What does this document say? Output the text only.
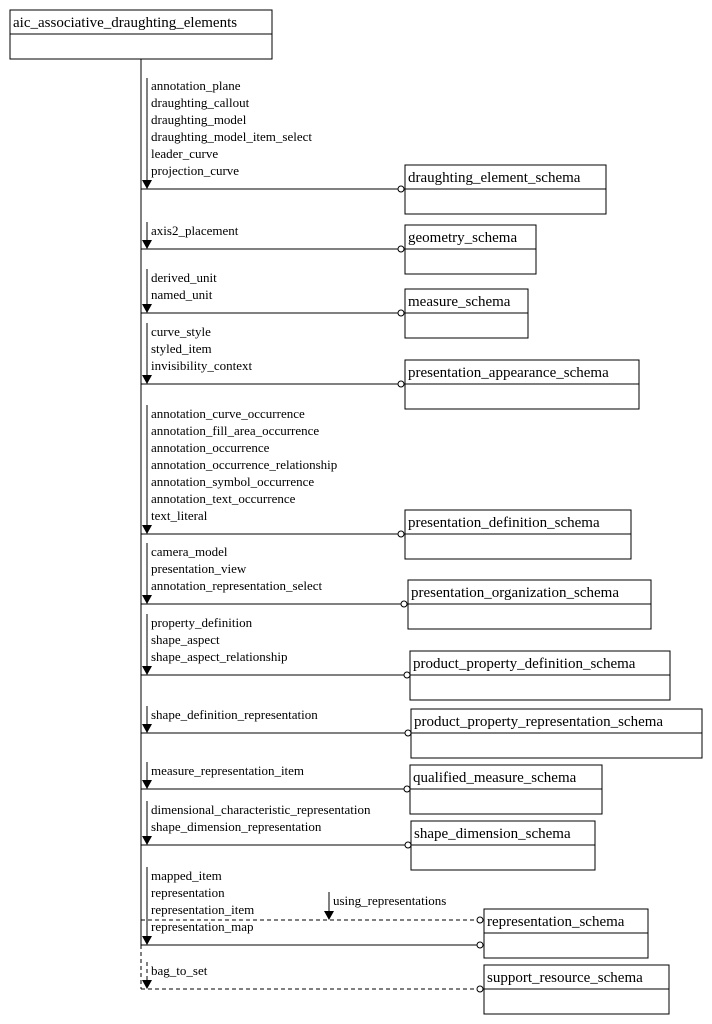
aic_associative_draughting_elements
annotation_plane
draughting_callout
draughting_model
draughting_model_item_select
leader_curve
projection_curve	draughting_element_schema
axis2_placement	geometry_schema
derived_unit
named_unit	measure_schema
curve_style
styled_item
invisibility_context	presentation_appearance_schema
annotation_curve_occurrence
annotation_fill_area_occurrence
annotation_occurrence
annotation_occurrence_relationship
annotation_symbol_occurrence
annotation_text_occurrence
text_literal	presentation_definition_schema
camera_model
presentation_view
annotation_representation_select	presentation_organization_schema
property_definition
shape_aspect
shape_aspect_relationship	product_property_definition_schema
shape_definition_representation	product_property_representation_schema
measure_representation_item	qualified_measure_schema
dimensional_characteristic_representation
shape_dimension_representation	shape_dimension_schema
mapped_item
representation
representation_item
representation_map
using_representations
representation_schema
bag_to_set	support_resource_schema
